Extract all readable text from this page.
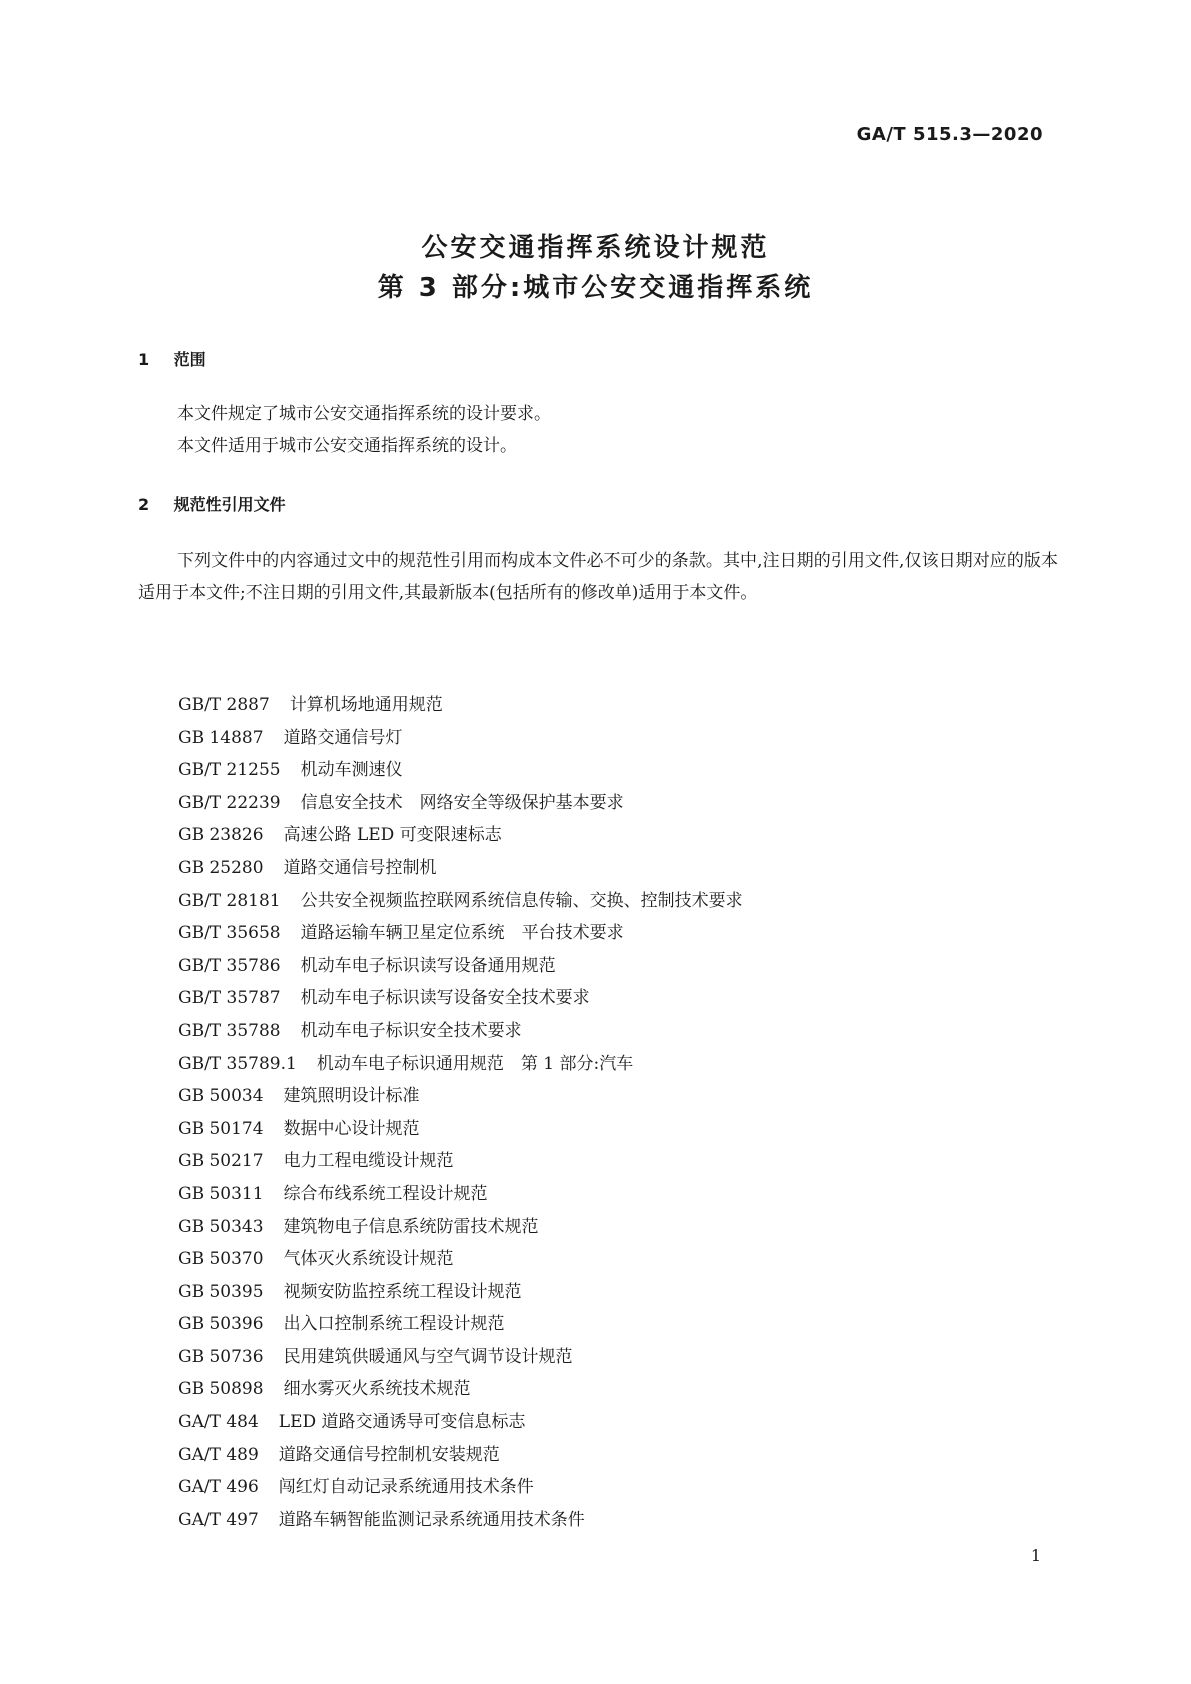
GA/T 515.3—2020

公安交通指挥系统设计规范

第 3 部分:城市公安交通指挥系统

1 范围

本文件规定了城市公安交通指挥系统的设计要求。

本文件适用于城市公安交通指挥系统的设计。

2 规范性引用文件

下列文件中的内容通过文中的规范性引用而构成本文件必不可少的条款。其中,注日期的引用文件,仅该日期对应的版本适用于本文件;不注日期的引用文件,其最新版本(包括所有的修改单)适用于本文件。

GB/T 2887 计算机场地通用规范
GB 14887 道路交通信号灯
GB/T 21255 机动车测速仪
GB/T 22239 信息安全技术　网络安全等级保护基本要求
GB 23826 高速公路 LED 可变限速标志
GB 25280 道路交通信号控制机
GB/T 28181 公共安全视频监控联网系统信息传输、交换、控制技术要求
GB/T 35658 道路运输车辆卫星定位系统　平台技术要求
GB/T 35786 机动车电子标识读写设备通用规范
GB/T 35787 机动车电子标识读写设备安全技术要求
GB/T 35788 机动车电子标识安全技术要求
GB/T 35789.1 机动车电子标识通用规范　第 1 部分:汽车
GB 50034 建筑照明设计标准
GB 50174 数据中心设计规范
GB 50217 电力工程电缆设计规范
GB 50311 综合布线系统工程设计规范
GB 50343 建筑物电子信息系统防雷技术规范
GB 50370 气体灭火系统设计规范
GB 50395 视频安防监控系统工程设计规范
GB 50396 出入口控制系统工程设计规范
GB 50736 民用建筑供暖通风与空气调节设计规范
GB 50898 细水雾灭火系统技术规范
GA/T 484 LED 道路交通诱导可变信息标志
GA/T 489 道路交通信号控制机安装规范
GA/T 496 闯红灯自动记录系统通用技术条件
GA/T 497 道路车辆智能监测记录系统通用技术条件

1
